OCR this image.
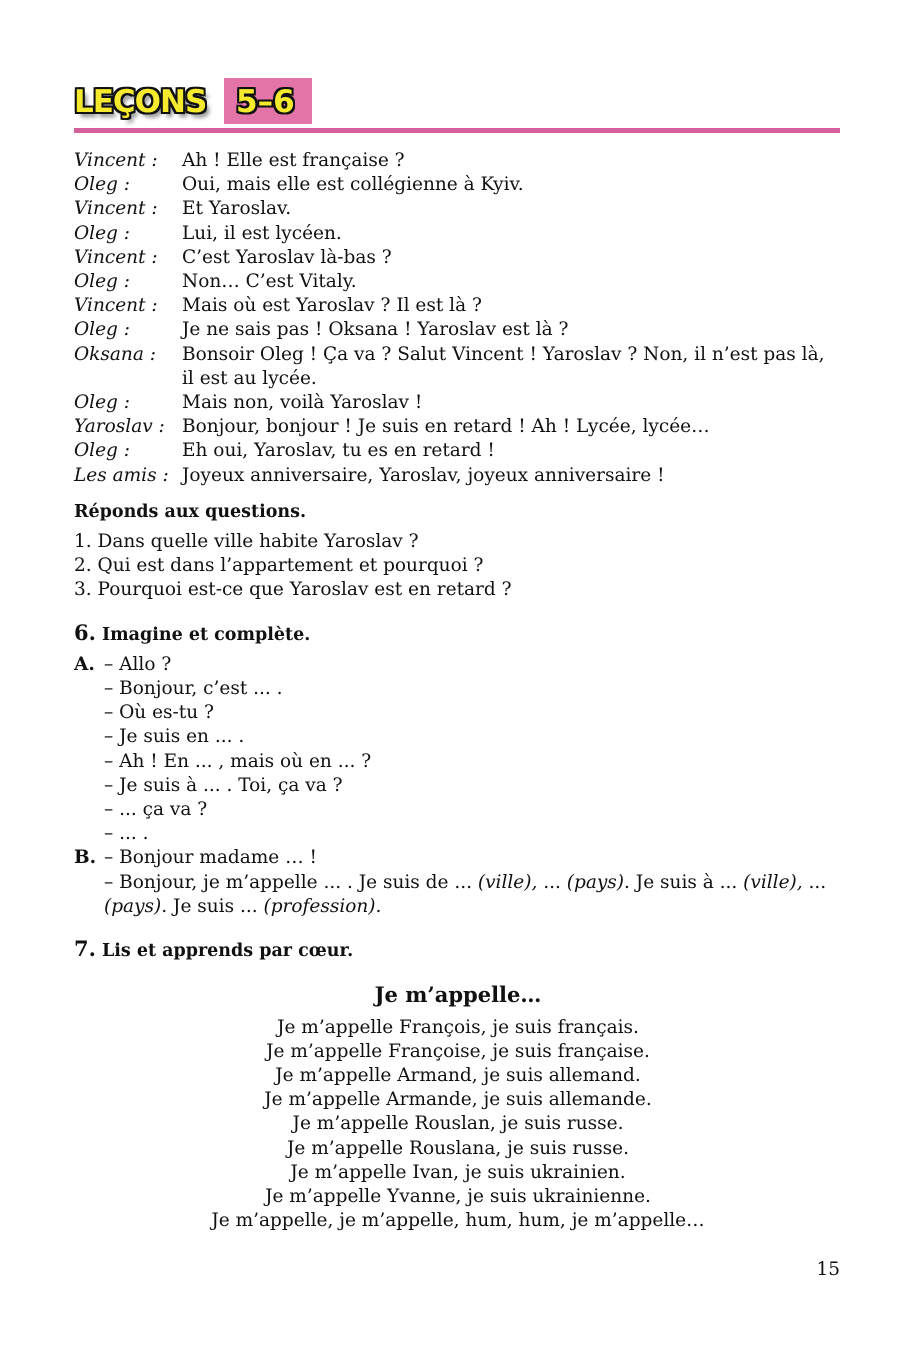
LEÇONS 5–6
Vincent :	Ah ! Elle est française ?
Oleg :	Oui, mais elle est collégienne à Kyiv.
Vincent :	Et Yaroslav.
Oleg :	Lui, il est lycéen.
Vincent :	C’est Yaroslav là-bas ?
Oleg :	Non… C’est Vitaly.
Vincent :	Mais où est Yaroslav ? Il est là ?
Oleg :	Je ne sais pas ! Oksana ! Yaroslav est là ?
Oksana :	Bonsoir Oleg ! Ça va ? Salut Vincent ! Yaroslav ? Non, il n’est pas là, il est au lycée.
Oleg :	Mais non, voilà Yaroslav !
Yaroslav : Bonjour, bonjour ! Je suis en retard ! Ah ! Lycée, lycée…
Oleg :	Eh oui, Yaroslav, tu es en retard !
Les amis : Joyeux anniversaire, Yaroslav, joyeux anniversaire !
Réponds aux questions.
1. Dans quelle ville habite Yaroslav ?
2. Qui est dans l’appartement et pourquoi ?
3. Pourquoi est-ce que Yaroslav est en retard ?
6. Imagine et complète.
A. – Allo ?
– Bonjour, c’est ... .
– Où es-tu ?
– Je suis en ... .
– Ah ! En ... , mais où en ... ?
– Je suis à ... . Toi, ça va ?
– ... ça va ?
– ... .
B. – Bonjour madame … !
– Bonjour, je m’appelle ... . Je suis de ... (ville), ... (pays). Je suis à ... (ville), ... (pays). Je suis ... (profession).
7. Lis et apprends par cœur.
Je m’appelle…
Je m’appelle François, je suis français.
Je m’appelle Françoise, je suis française.
Je m’appelle Armand, je suis allemand.
Je m’appelle Armande, je suis allemande.
Je m’appelle Rouslan, je suis russe.
Je m’appelle Rouslana, je suis russe.
Je m’appelle Ivan, je suis ukrainien.
Je m’appelle Yvanne, je suis ukrainienne.
Je m’appelle, je m’appelle, hum, hum, je m’appelle…
15
